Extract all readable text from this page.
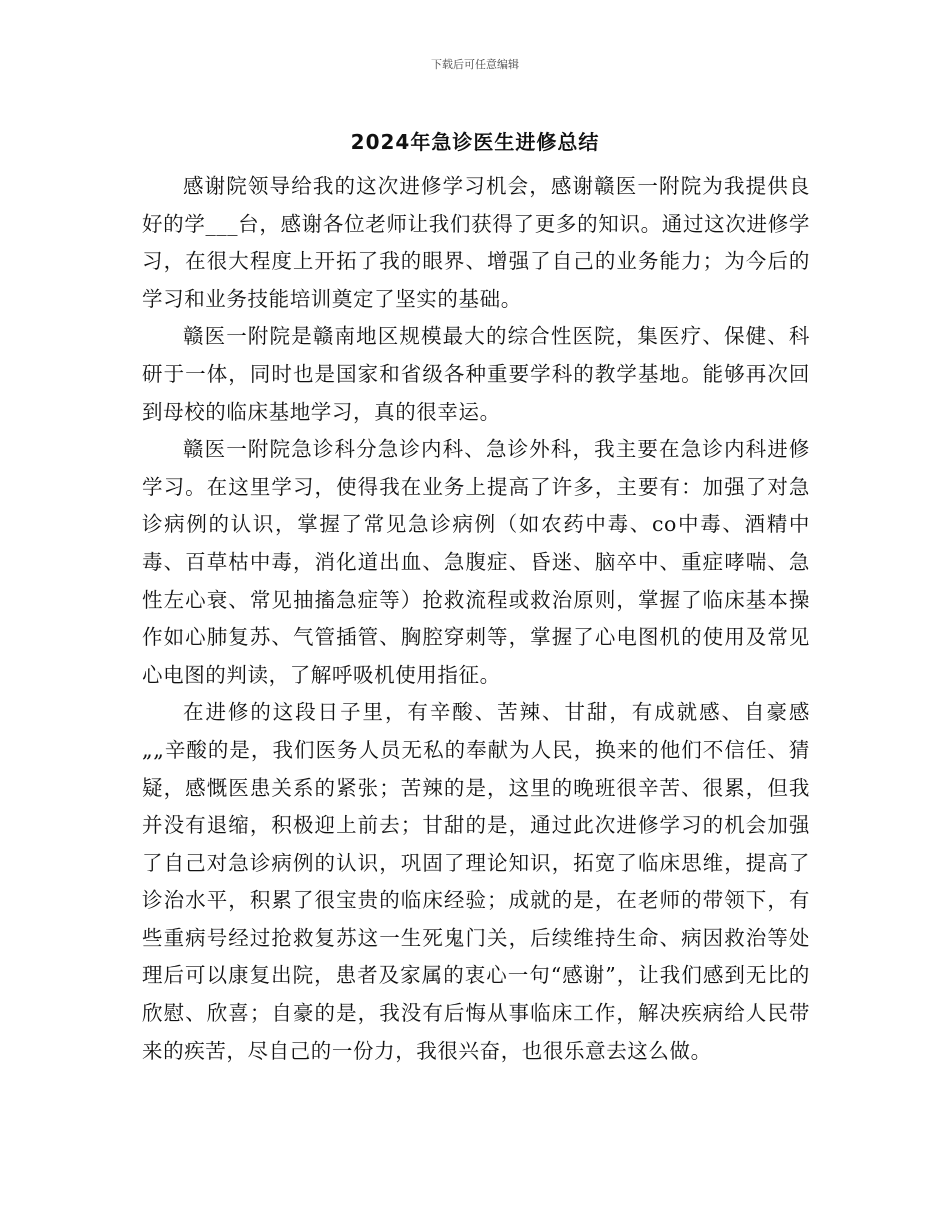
下载后可任意编辑
2024年急诊医生进修总结

感谢院领导给我的这次进修学习机会，感谢赣医一附院为我提供良好的学___台，感谢各位老师让我们获得了更多的知识。通过这次进修学习，在很大程度上开拓了我的眼界、增强了自己的业务能力；为今后的学习和业务技能培训奠定了坚实的基础。

赣医一附院是赣南地区规模最大的综合性医院，集医疗、保健、科研于一体，同时也是国家和省级各种重要学科的教学基地。能够再次回到母校的临床基地学习，真的很幸运。

赣医一附院急诊科分急诊内科、急诊外科，我主要在急诊内科进修学习。在这里学习，使得我在业务上提高了许多，主要有：加强了对急诊病例的认识，掌握了常见急诊病例（如农药中毒、co中毒、酒精中毒、百草枯中毒，消化道出血、急腹症、昏迷、脑卒中、重症哮喘、急性左心衰、常见抽搐急症等）抢救流程或救治原则，掌握了临床基本操作如心肺复苏、气管插管、胸腔穿刺等，掌握了心电图机的使用及常见心电图的判读，了解呼吸机使用指征。

在进修的这段日子里，有辛酸、苦辣、甘甜，有成就感、自豪感„„辛酸的是，我们医务人员无私的奉献为人民，换来的他们不信任、猜疑，感慨医患关系的紧张；苦辣的是，这里的晚班很辛苦、很累，但我并没有退缩，积极迎上前去；甘甜的是，通过此次进修学习的机会加强了自己对急诊病例的认识，巩固了理论知识，拓宽了临床思维，提高了诊治水平，积累了很宝贵的临床经验；成就的是，在老师的带领下，有些重病号经过抢救复苏这一生死鬼门关，后续维持生命、病因救治等处理后可以康复出院，患者及家属的衷心一句“感谢”，让我们感到无比的欣慰、欣喜；自豪的是，我没有后悔从事临床工作，解决疾病给人民带来的疾苦，尽自己的一份力，我很兴奋，也很乐意去这么做。
